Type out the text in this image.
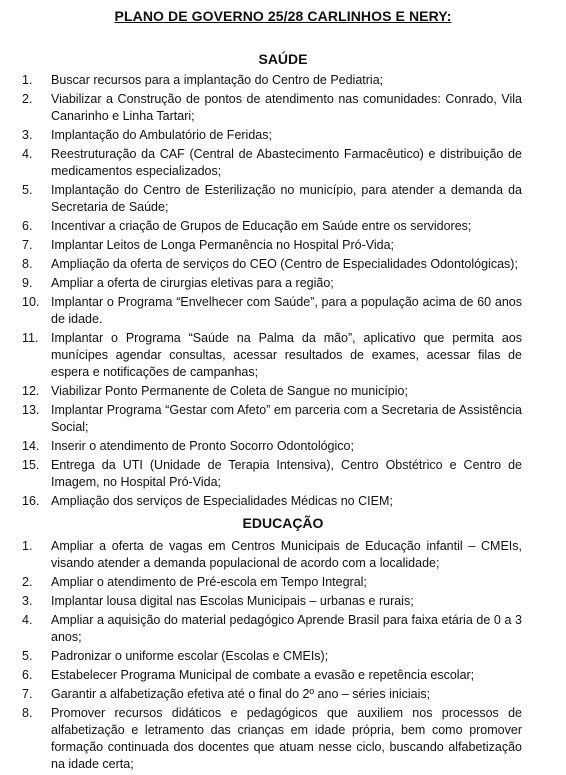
PLANO DE GOVERNO 25/28 CARLINHOS E NERY:
SAÚDE
1. Buscar recursos para a implantação do Centro de Pediatria;
2. Viabilizar a Construção de pontos de atendimento nas comunidades: Conrado, Vila Canarinho e Linha Tartari;
3. Implantação do Ambulatório de Feridas;
4. Reestruturação da CAF (Central de Abastecimento Farmacêutico) e distribuição de medicamentos especializados;
5. Implantação do Centro de Esterilização no município, para atender a demanda da Secretaria de Saúde;
6. Incentivar a criação de Grupos de Educação em Saúde entre os servidores;
7. Implantar Leitos de Longa Permanência no Hospital Pró-Vida;
8. Ampliação da oferta de serviços do CEO (Centro de Especialidades Odontológicas);
9. Ampliar a oferta de cirurgias eletivas para a região;
10. Implantar o Programa “Envelhecer com Saúde”, para a população acima de 60 anos de idade.
11. Implantar o Programa “Saúde na Palma da mão”, aplicativo que permita aos munícipes agendar consultas, acessar resultados de exames, acessar filas de espera e notificações de campanhas;
12. Viabilizar Ponto Permanente de Coleta de Sangue no município;
13. Implantar Programa “Gestar com Afeto” em parceria com a Secretaria de Assistência Social;
14. Inserir o atendimento de Pronto Socorro Odontológico;
15. Entrega da UTI (Unidade de Terapia Intensiva), Centro Obstétrico e Centro de Imagem, no Hospital Pró-Vida;
16. Ampliação dos serviços de Especialidades Médicas no CIEM;
EDUCAÇÃO
1. Ampliar a oferta de vagas em Centros Municipais de Educação infantil – CMEIs, visando atender a demanda populacional de acordo com a localidade;
2. Ampliar o atendimento de Pré-escola em Tempo Integral;
3. Implantar lousa digital nas Escolas Municipais – urbanas e rurais;
4. Ampliar a aquisição do material pedagógico Aprende Brasil para faixa etária de 0 a 3 anos;
5. Padronizar o uniforme escolar (Escolas e CMEIs);
6. Estabelecer Programa Municipal de combate a evasão e repetência escolar;
7. Garantir a alfabetização efetiva até o final do 2º ano – séries iniciais;
8. Promover recursos didáticos e pedagógicos que auxiliem nos processos de alfabetização e letramento das crianças em idade própria, bem como promover formação continuada dos docentes que atuam nesse ciclo, buscando alfabetização na idade certa;
